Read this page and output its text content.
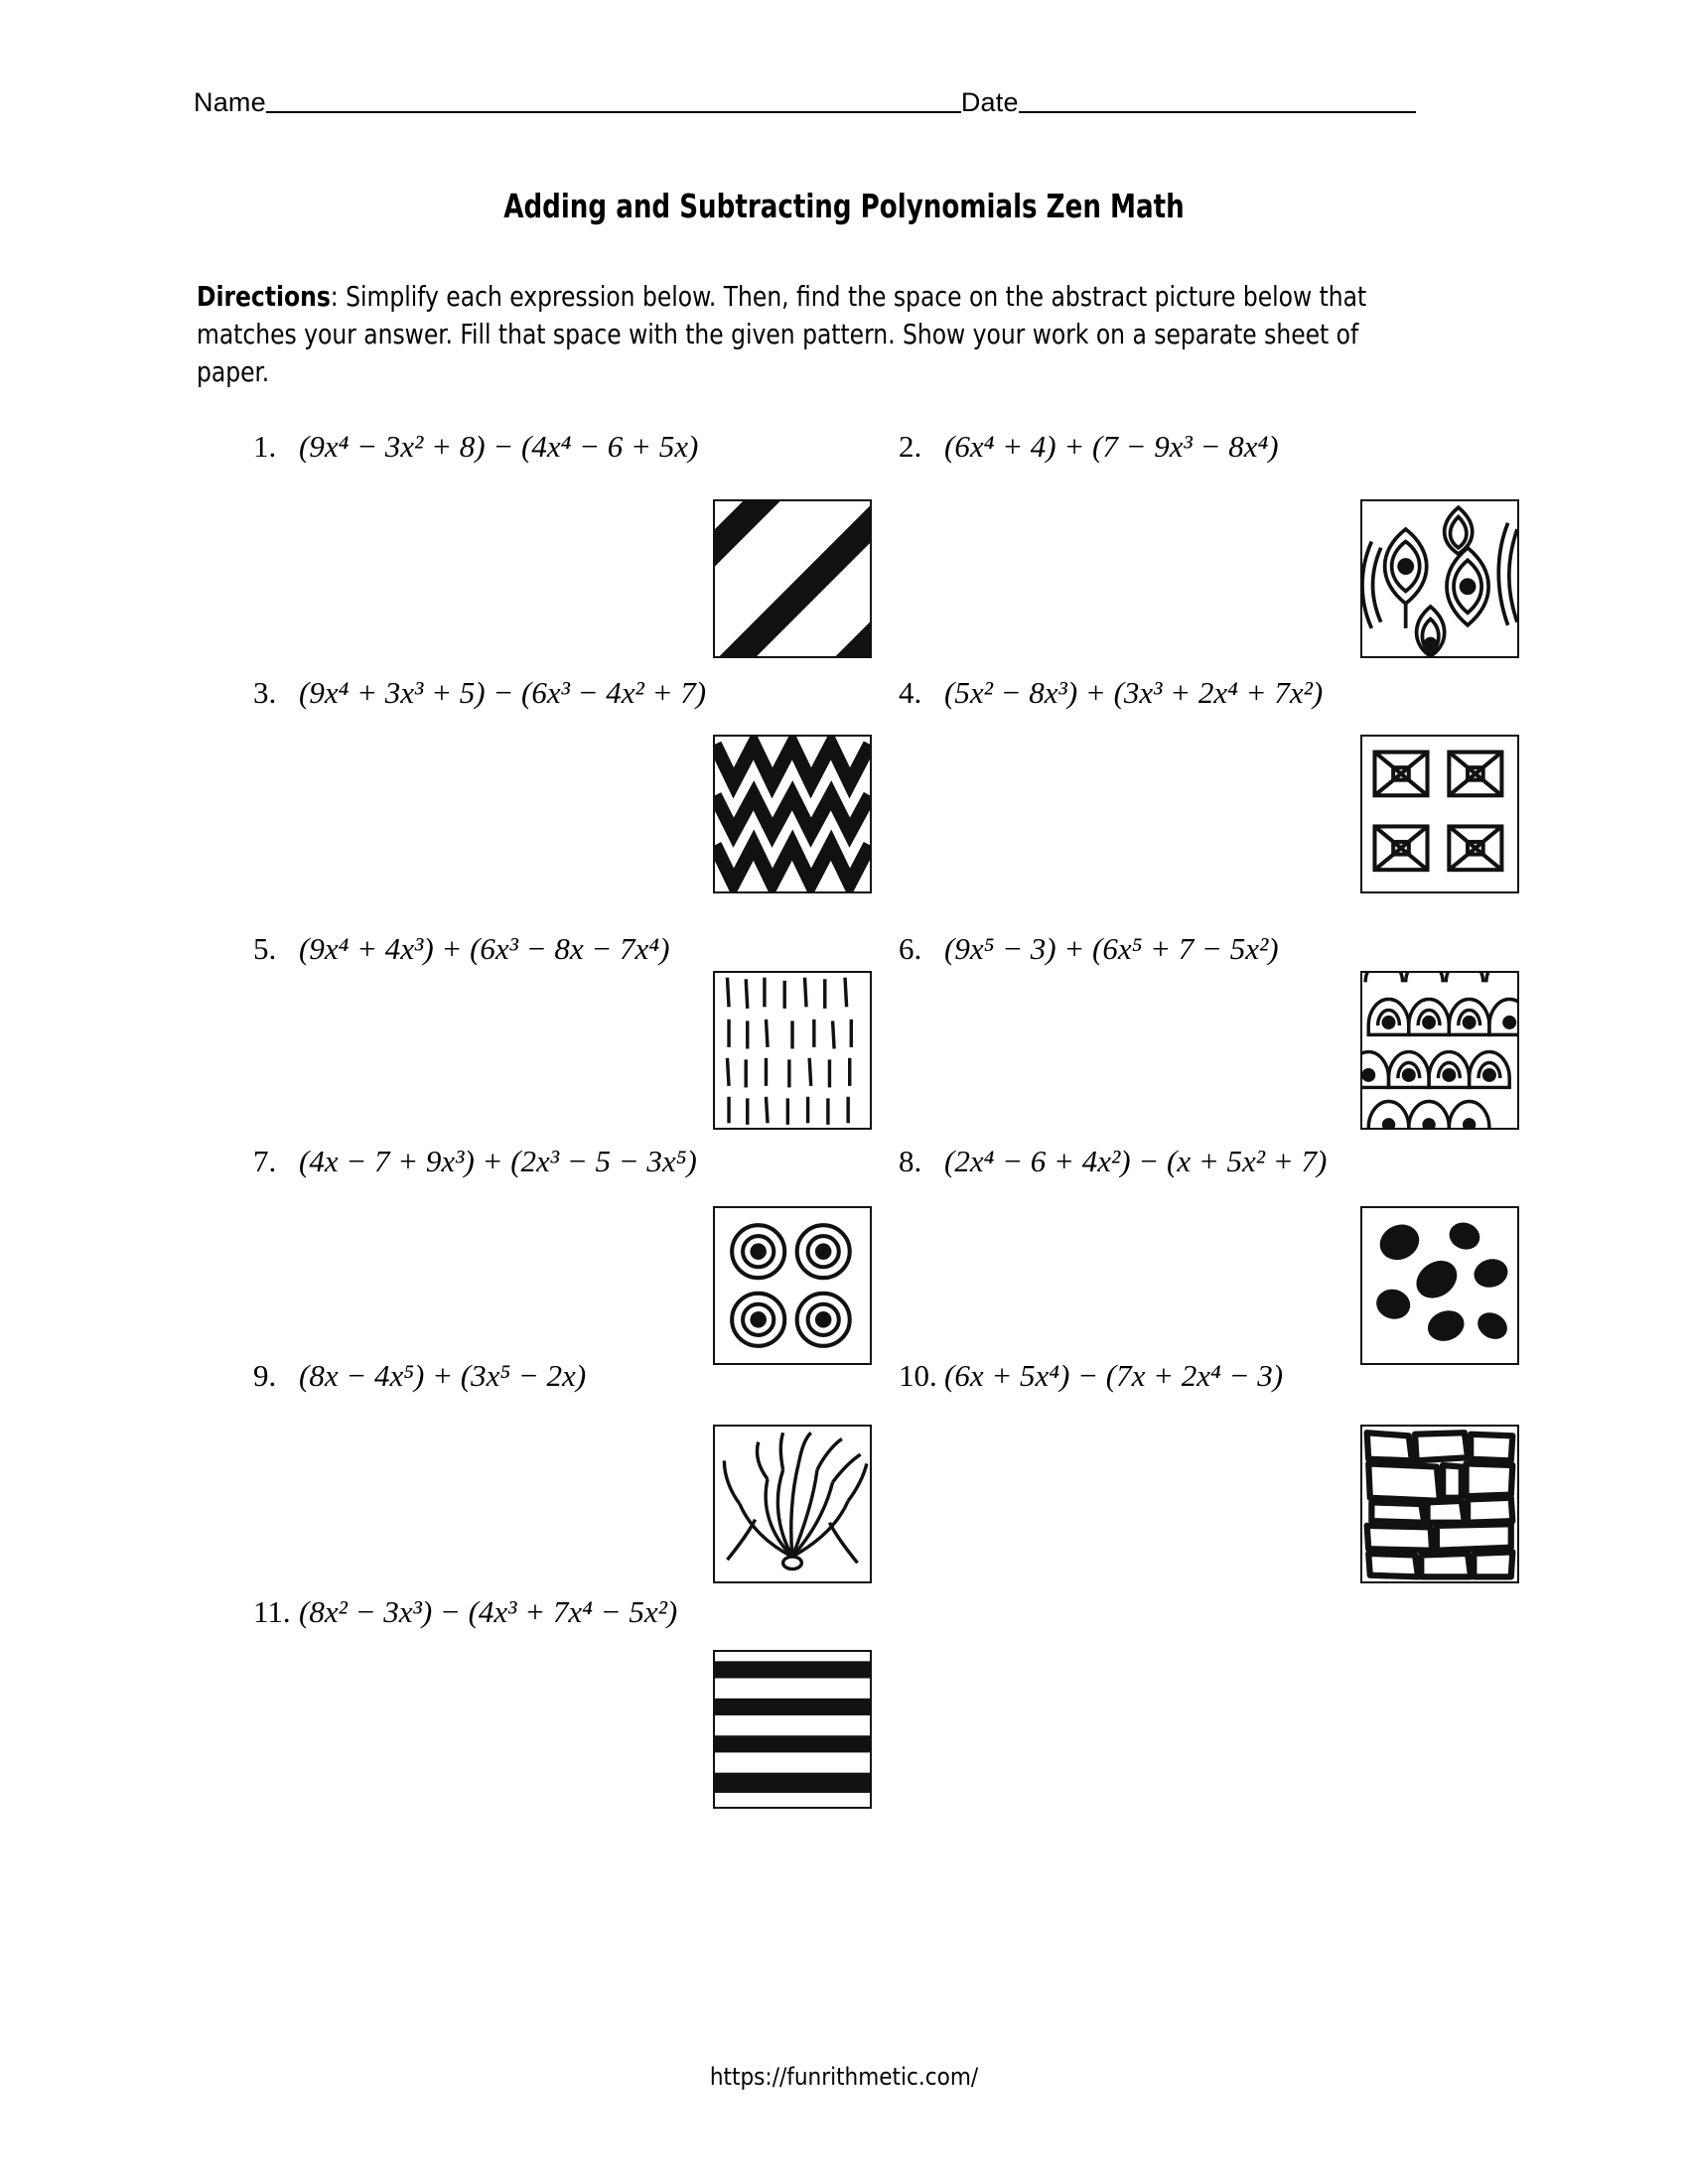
Name	Date
Adding and Subtracting Polynomials Zen Math
Directions: Simplify each expression below. Then, find the space on the abstract picture below that matches your answer. Fill that space with the given pattern. Show your work on a separate sheet of paper.
1. (9x⁴ − 3x² + 8) − (4x⁴ − 6 + 5x)	2. (6x⁴ + 4) + (7 − 9x³ − 8x⁴)
3. (9x⁴ + 3x³ + 5) − (6x³ − 4x² + 7)	4. (5x² − 8x³) + (3x³ + 2x⁴ + 7x²)
5. (9x⁴ + 4x³) + (6x³ − 8x − 7x⁴)	6. (9x⁵ − 3) + (6x⁵ + 7 − 5x²)
7. (4x − 7 + 9x³) + (2x³ − 5 − 3x⁵)	8. (2x⁴ − 6 + 4x²) − (x + 5x² + 7)
9. (8x − 4x⁵) + (3x⁵ − 2x)	10. (6x + 5x⁴) − (7x + 2x⁴ − 3)
11. (8x² − 3x³) − (4x³ + 7x⁴ − 5x²)
https://funrithmetic.com/
